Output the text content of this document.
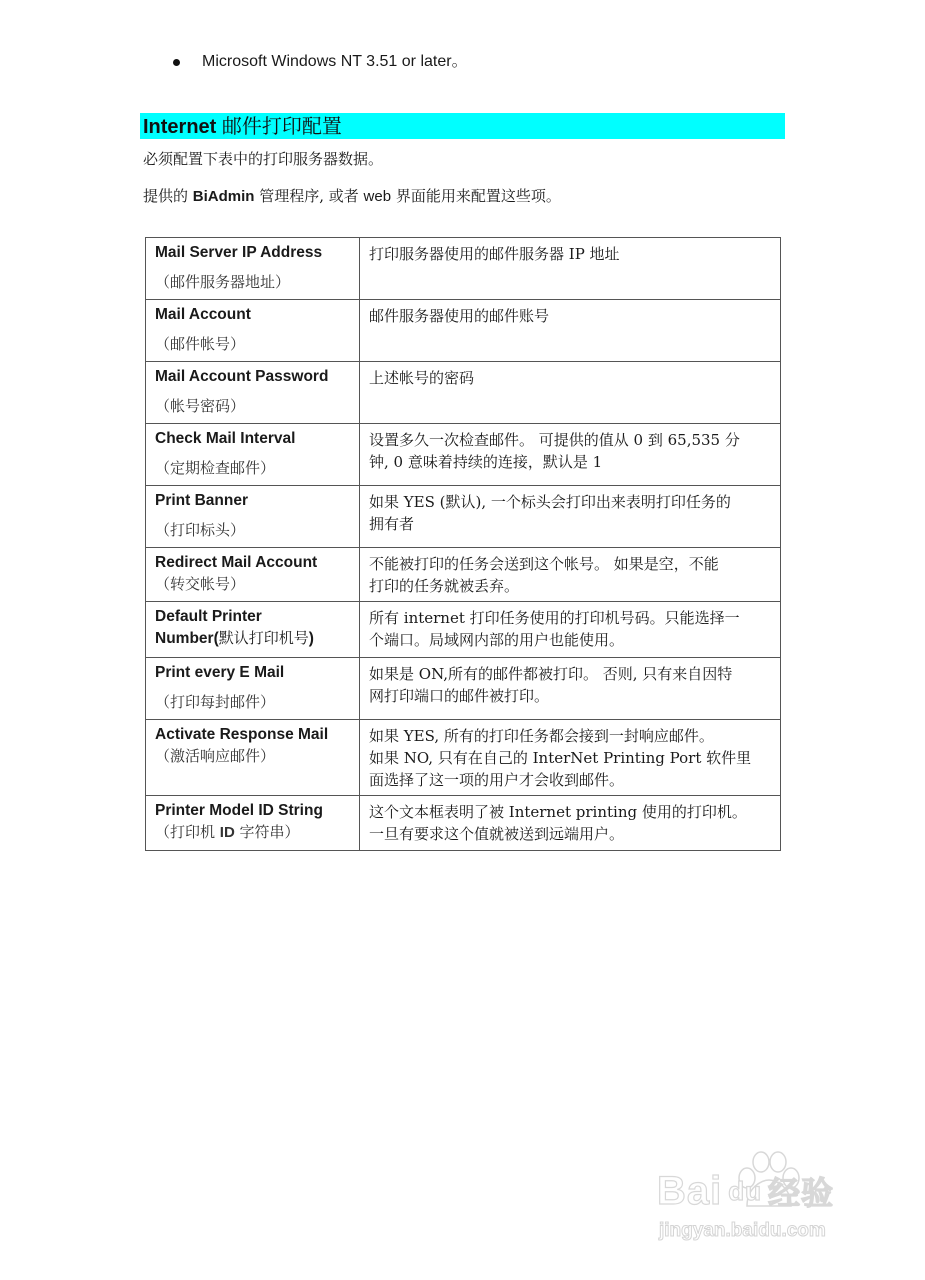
Microsoft Windows NT 3.51 or later。
Internet 邮件打印配置
必须配置下表中的打印服务器数据。
提供的 BiAdmin 管理程序, 或者 web 界面能用来配置这些项。
Mail Server IP Address
（邮件服务器地址）	打印服务器使用的邮件服务器 IP 地址

Mail Account
（邮件帐号）	邮件服务器使用的邮件账号

Mail Account Password
（帐号密码）	上述帐号的密码

Check Mail Interval
（定期检查邮件）	设置多久一次检查邮件。 可提供的值从 0 到 65,535 分
钟, 0 意味着持续的连接，默认是 1

Print Banner
（打印标头）	如果 YES (默认), 一个标头会打印出来表明打印任务的
拥有者

Redirect Mail Account
（转交帐号）	不能被打印的任务会送到这个帐号。 如果是空，不能
打印的任务就被丢弃。

Default Printer
Number(默认打印机号)	所有 internet 打印任务使用的打印机号码。只能选择一
个端口。局域网内部的用户也能使用。

Print every E Mail
（打印每封邮件）	如果是 ON,所有的邮件都被打印。 否则, 只有来自因特
网打印端口的邮件被打印。

Activate Response Mail
（激活响应邮件）	如果 YES, 所有的打印任务都会接到一封响应邮件。
如果 NO, 只有在自己的 InterNet Printing Port 软件里
面选择了这一项的用户才会收到邮件。

Printer Model ID String
（打印机 ID 字符串）	这个文本框表明了被 Internet printing 使用的打印机。
一旦有要求这个值就被送到远端用户。
Bai du 经验
jingyan.baidu.com
